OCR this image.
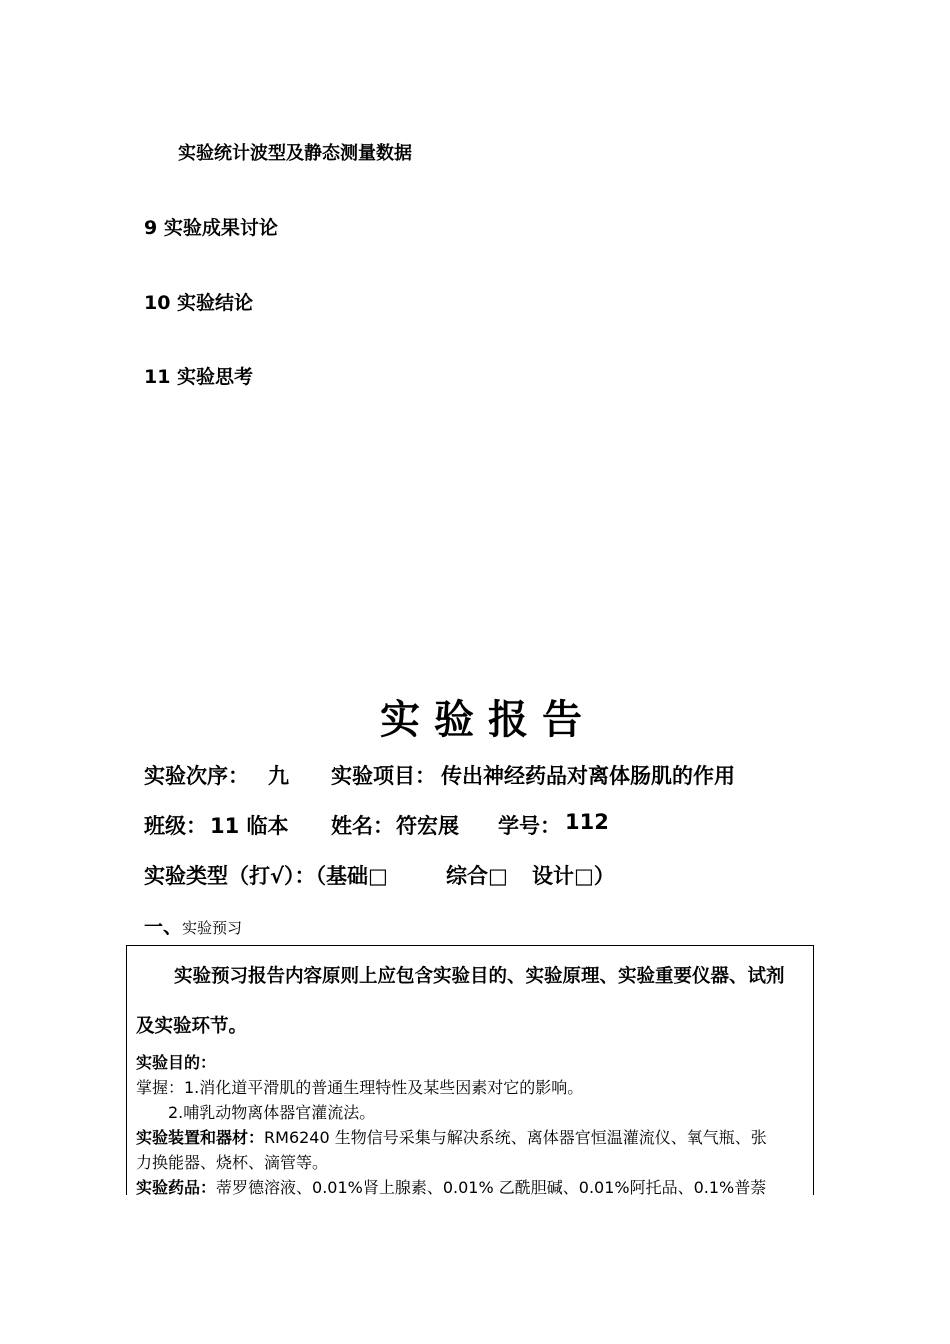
实验统计波型及静态测量数据
9 实验成果讨论
10 实验结论
11 实验思考
实验报告
实验次序： 九 实验项目： 传出神经药品对离体肠肌的作用
班级： 11 临本 姓名： 符宏展 学号： 112
实验类型（打√）：（基础□	综合□ 设计□）
一、实验预习
实验预习报告内容原则上应包含实验目的、实验原理、实验重要仪器、试剂
及实验环节。
实验目的：
掌握：1.消化道平滑肌的普通生理特性及某些因素对它的影响。
2.哺乳动物离体器官灌流法。
实验装置和器材：RM6240 生物信号采集与解决系统、离体器官恒温灌流仪、氧气瓶、张
力换能器、烧杯、滴管等。
实验药品：蒂罗德溶液、0.01%肾上腺素、0.01% 乙酰胆碱、0.01%阿托品、0.1%普萘
